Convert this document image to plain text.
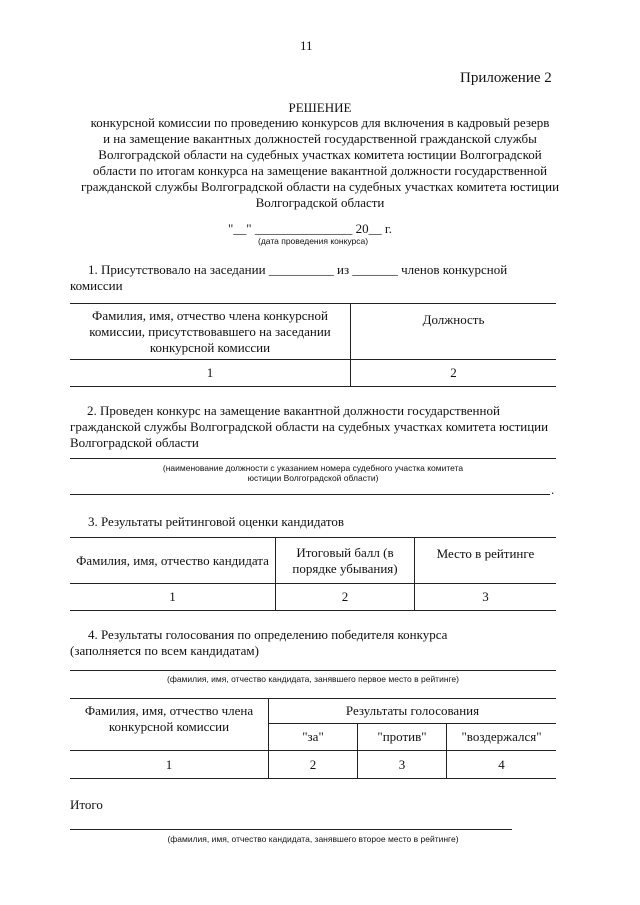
11
Приложение 2
РЕШЕНИЕ
конкурсной комиссии по проведению конкурсов для включения в кадровый резерв
и на замещение вакантных должностей государственной гражданской службы
Волгоградской области на судебных участках комитета юстиции Волгоградской
области по итогам конкурса на замещение вакантной должности государственной
гражданской службы Волгоградской области на судебных участках комитета юстиции
Волгоградской области
"__" _______________ 20__ г.
(дата проведения конкурса)
1. Присутствовало на заседании __________ из _______ членов конкурсной
комиссии
Фамилия, имя, отчество члена конкурсной комиссии, присутствовавшего на заседании конкурсной комиссии	Должность
1	2
2. Проведен конкурс на замещение вакантной должности государственной
гражданской службы Волгоградской области на судебных участках комитета юстиции
Волгоградской области
(наименование должности с указанием номера судебного участка комитета
юстиции Волгоградской области)
.
3. Результаты рейтинговой оценки кандидатов
Фамилия, имя, отчество кандидата	Итоговый балл (в порядке убывания)	Место в рейтинге
1	2	3
4. Результаты голосования по определению победителя конкурса
(заполняется по всем кандидатам)
(фамилия, имя, отчество кандидата, занявшего первое место в рейтинге)
Фамилия, имя, отчество члена конкурсной комиссии	Результаты голосования		
	"за"	"против"	"воздержался"
1	2	3	4
Итого
(фамилия, имя, отчество кандидата, занявшего второе место в рейтинге)
